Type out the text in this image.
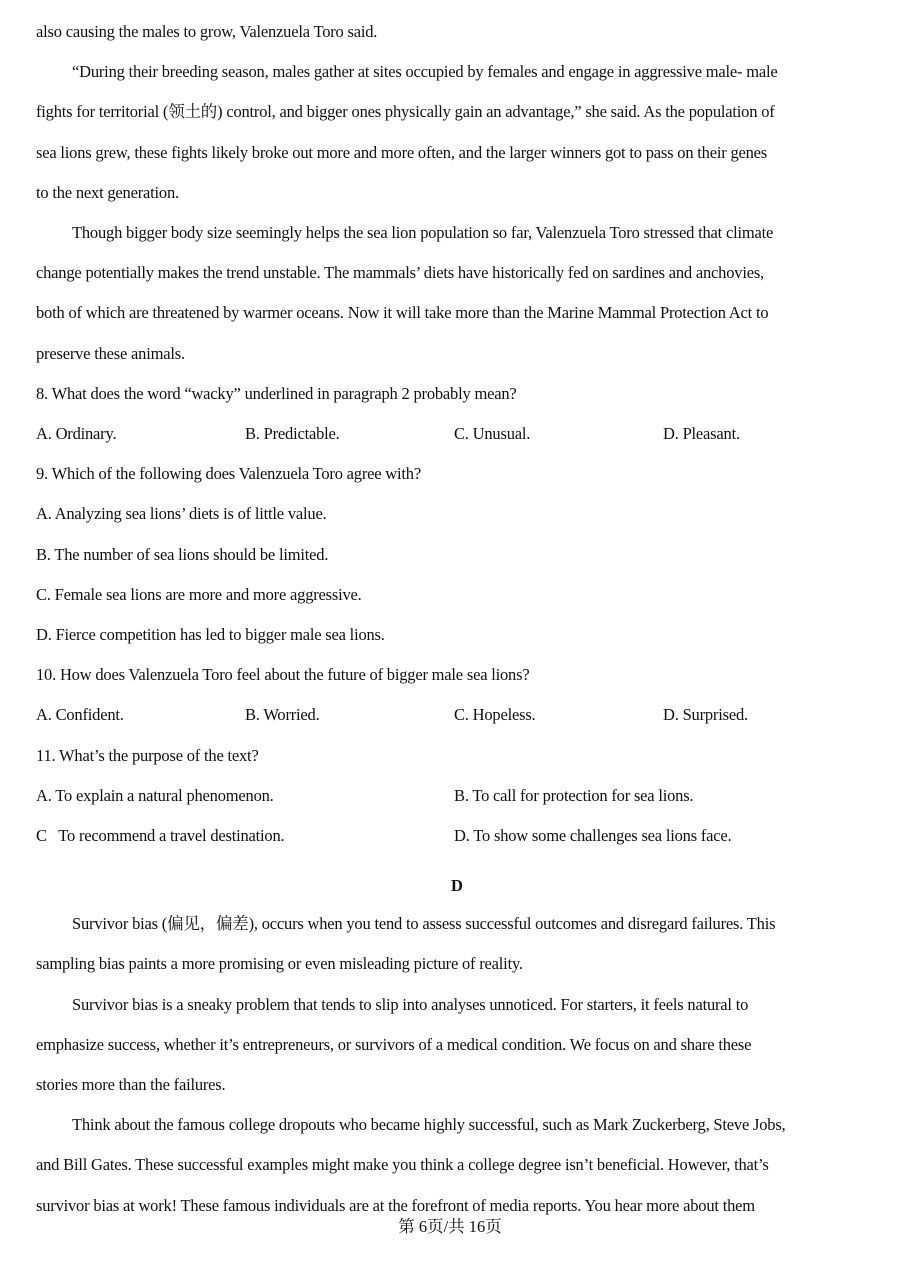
also causing the males to grow, Valenzuela Toro said.
“During their breeding season, males gather at sites occupied by females and engage in aggressive male- male
fights for territorial (领土的) control, and bigger ones physically gain an advantage,” she said. As the population of
sea lions grew, these fights likely broke out more and more often, and the larger winners got to pass on their genes
to the next generation.
Though bigger body size seemingly helps the sea lion population so far, Valenzuela Toro stressed that climate
change potentially makes the trend unstable. The mammals’ diets have historically fed on sardines and anchovies,
both of which are threatened by warmer oceans. Now it will take more than the Marine Mammal Protection Act to
preserve these animals.
8. What does the word “wacky” underlined in paragraph 2 probably mean?
A. Ordinary.	B. Predictable.	C. Unusual.	D. Pleasant.
9. Which of the following does Valenzuela Toro agree with?
A. Analyzing sea lions’ diets is of little value.
B. The number of sea lions should be limited.
C. Female sea lions are more and more aggressive.
D. Fierce competition has led to bigger male sea lions.
10. How does Valenzuela Toro feel about the future of bigger male sea lions?
A. Confident.	B. Worried.	C. Hopeless.	D. Surprised.
11. What’s the purpose of the text?
A. To explain a natural phenomenon.	B. To call for protection for sea lions.
C   To recommend a travel destination.	D. To show some challenges sea lions face.
D
Survivor bias (偏见，偏差), occurs when you tend to assess successful outcomes and disregard failures. This
sampling bias paints a more promising or even misleading picture of reality.
Survivor bias is a sneaky problem that tends to slip into analyses unnoticed. For starters, it feels natural to
emphasize success, whether it’s entrepreneurs, or survivors of a medical condition. We focus on and share these
stories more than the failures.
Think about the famous college dropouts who became highly successful, such as Mark Zuckerberg, Steve Jobs,
and Bill Gates. These successful examples might make you think a college degree isn’t beneficial. However, that’s
survivor bias at work! These famous individuals are at the forefront of media reports. You hear more about them
第 6页/共 16页
